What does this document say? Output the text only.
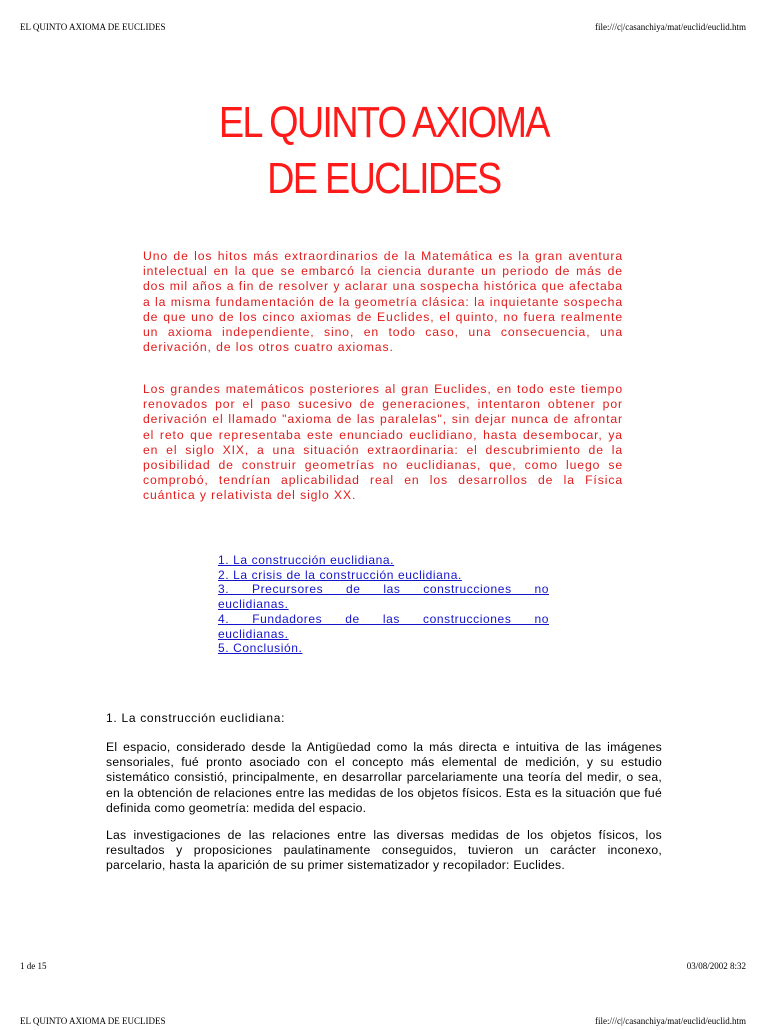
EL QUINTO AXIOMA DE EUCLIDES	file:///c|/casanchiya/mat/euclid/euclid.htm
EL QUINTO AXIOMA
DE EUCLIDES

Uno de los hitos más extraordinarios de la Matemática es la gran aventura intelectual en la que se embarcó la ciencia durante un periodo de más de dos mil años a fin de resolver y aclarar una sospecha histórica que afectaba a la misma fundamentación de la geometría clásica: la inquietante sospecha de que uno de los cinco axiomas de Euclides, el quinto, no fuera realmente un axioma independiente, sino, en todo caso, una consecuencia, una derivación, de los otros cuatro axiomas.

Los grandes matemáticos posteriores al gran Euclides, en todo este tiempo renovados por el paso sucesivo de generaciones, intentaron obtener por derivación el llamado "axioma de las paralelas", sin dejar nunca de afrontar el reto que representaba este enunciado euclidiano, hasta desembocar, ya en el siglo XIX, a una situación extraordinaria: el descubrimiento de la posibilidad de construir geometrías no euclidianas, que, como luego se comprobó, tendrían aplicabilidad real en los desarrollos de la Física cuántica y relativista del siglo XX.

1. La construcción euclidiana.
2. La crisis de la construcción euclidiana.
3. Precursores de las construcciones no
euclidianas.
4. Fundadores de las construcciones no
euclidianas.
5. Conclusión.
1. La construcción euclidiana:

El espacio, considerado desde la Antigüedad como la más directa e intuitiva de las imágenes sensoriales, fué pronto asociado con el concepto más elemental de medición, y su estudio sistemático consistió, principalmente, en desarrollar parcelariamente una teoría del medir, o sea, en la obtención de relaciones entre las medidas de los objetos físicos. Esta es la situación que fué definida como geometría: medida del espacio.

Las investigaciones de las relaciones entre las diversas medidas de los objetos físicos, los resultados y proposiciones paulatinamente conseguidos, tuvieron un carácter inconexo, parcelario, hasta la aparición de su primer sistematizador y recopilador: Euclides.

1 de 15	03/08/2002 8:32
EL QUINTO AXIOMA DE EUCLIDES	file:///c|/casanchiya/mat/euclid/euclid.htm
